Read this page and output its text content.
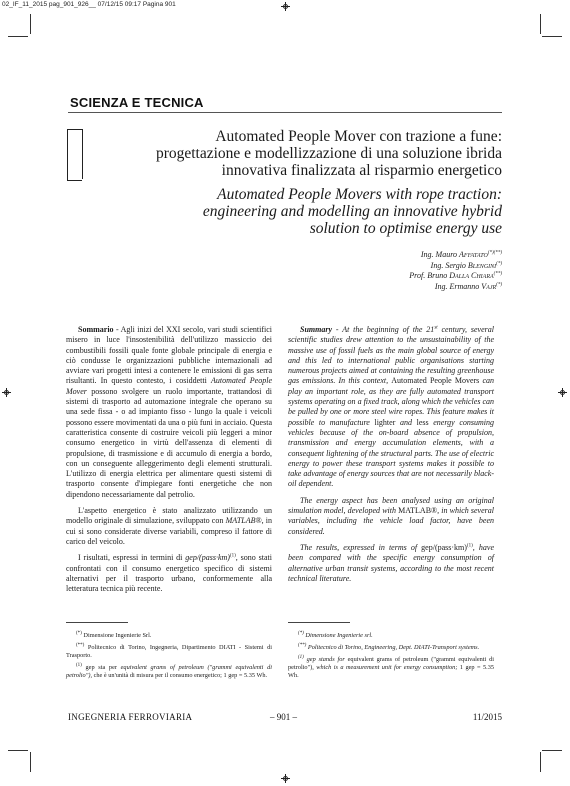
02_IF_11_2015 pag_901_926__ 07/12/15 09:17 Pagina 901
SCIENZA E TECNICA
Automated People Mover con trazione a fune:
progettazione e modellizzazione di una soluzione ibrida
innovativa finalizzata al risparmio energetico
Automated People Movers with rope traction:
engineering and modelling an innovative hybrid
solution to optimise energy use
Ing. Mauro Affatato(*)(**)
Ing. Sergio Blengini(*)
Prof. Bruno Dalla Chiara(**)
Ing. Ermanno Vajr(*)

Sommario - Agli inizi del XXI secolo, vari studi scientifici misero in luce l'insostenibilità dell'utilizzo massiccio dei combustibili fossili quale fonte globale principale di energia e ciò condusse le organizzazioni pubbliche internazionali ad avviare vari progetti intesi a contenere le emissioni di gas serra risultanti. In questo contesto, i cosiddetti Automated People Mover possono svolgere un ruolo importante, trattandosi di sistemi di trasporto ad automazione integrale che operano su una sede fissa - o ad impianto fisso - lungo la quale i veicoli possono essere movimentati da una o più funi in acciaio. Questa caratteristica consente di costruire veicoli più leggeri a minor consumo energetico in virtù dell'assenza di elementi di propulsione, di trasmissione e di accumulo di energia a bordo, con un conseguente alleggerimento degli elementi strutturali. L'utilizzo di energia elettrica per alimentare questi sistemi di trasporto consente d'impiegare fonti energetiche che non dipendono necessariamente dal petrolio.

L'aspetto energetico è stato analizzato utilizzando un modello originale di simulazione, sviluppato con MATLAB®, in cui si sono considerate diverse variabili, compreso il fattore di carico del veicolo.

I risultati, espressi in termini di gep/(pass·km)$^{(1)}$, sono stati confrontati con il consumo energetico specifico di sistemi alternativi per il trasporto urbano, conformemente alla letteratura tecnica più recente.

Summary - At the beginning of the 21st century, several scientific studies drew attention to the unsustainability of the massive use of fossil fuels as the main global source of energy and this led to international public organisations starting numerous projects aimed at containing the resulting greenhouse gas emissions. In this context, Automated People Movers can play an important role, as they are fully automated transport systems operating on a fixed track, along which the vehicles can be pulled by one or more steel wire ropes. This feature makes it possible to manufacture lighter and less energy consuming vehicles because of the on-board absence of propulsion, transmission and energy accumulation elements, with a consequent lightening of the structural parts. The use of electric energy to power these transport systems makes it possible to take advantage of energy sources that are not necessarily black-oil dependent.

The energy aspect has been analysed using an original simulation model, developed with MATLAB®, in which several variables, including the vehicle load factor, have been considered.

The results, expressed in terms of gep/(pass·km)$^{(1)}$, have been compared with the specific energy consumption of alternative urban transit systems, according to the most recent technical literature.

(*) Dimensione Ingenierie Srl.

(**) Politecnico di Torino, Ingegneria, Dipartimento DIATI - Sistemi di Trasporto.

$^{(1)}$ gep sta per equivalent grams of petroleum ("grammi equivalenti di petrolio"), che è un'unità di misura per il consumo energetico; 1 gep = 5.35 Wh.

(*) Dimensione Ingenierie srl.

(**) Politecnico di Torino, Engineering, Dept. DIATI-Transport systems.

$^{(1)}$ gep stands for equivalent grams of petroleum ("grammi equivalenti di petrolio"), which is a measurement unit for energy consumption; 1 gep = 5.35 Wh.

INGEGNERIA FERROVIARIA	– 901 –	11/2015
